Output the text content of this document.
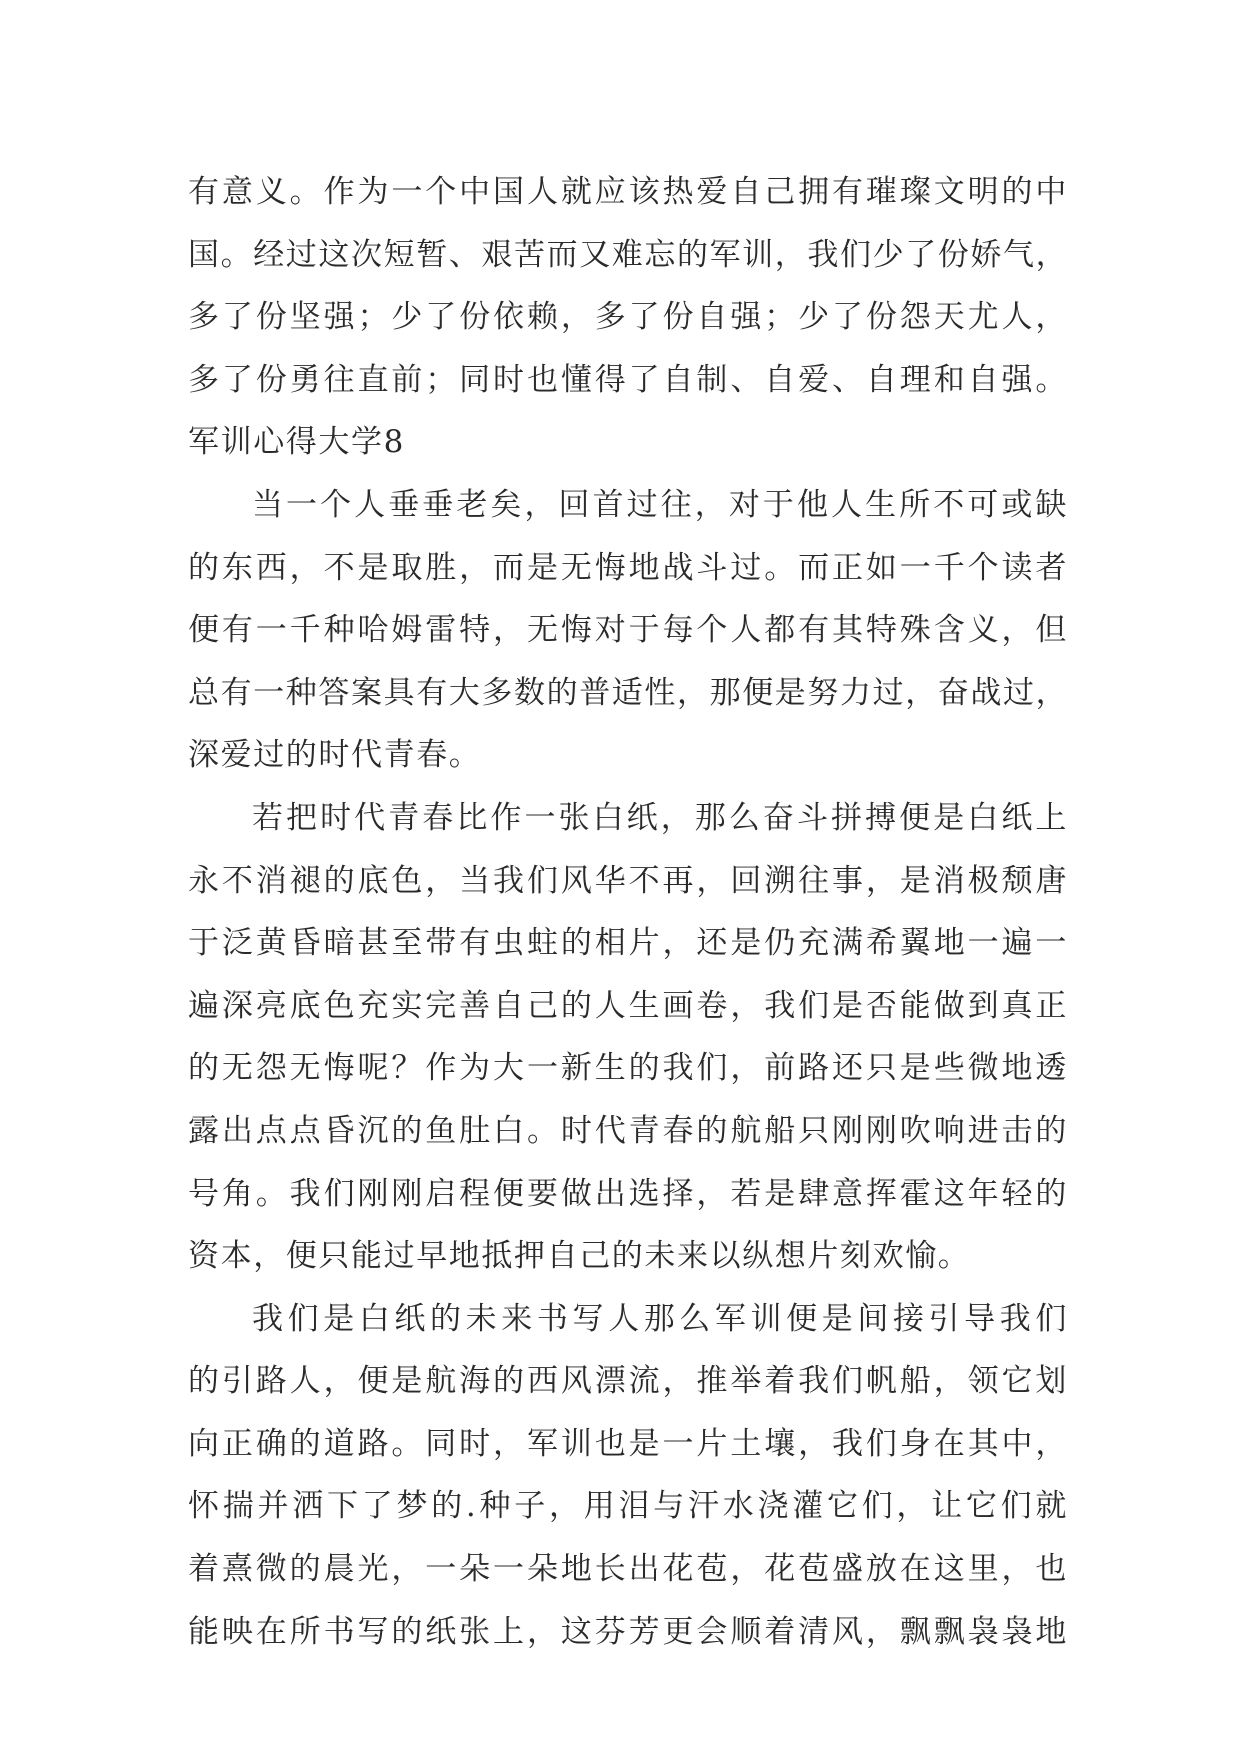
有意义。作为一个中国人就应该热爱自己拥有璀璨文明的中
国。经过这次短暂、艰苦而又难忘的军训，我们少了份娇气，
多了份坚强；少了份依赖，多了份自强；少了份怨天尤人，
多了份勇往直前；同时也懂得了自制、自爱、自理和自强。
军训心得大学8
当一个人垂垂老矣，回首过往，对于他人生所不可或缺
的东西，不是取胜，而是无悔地战斗过。而正如一千个读者
便有一千种哈姆雷特，无悔对于每个人都有其特殊含义，但
总有一种答案具有大多数的普适性，那便是努力过，奋战过，
深爱过的时代青春。
若把时代青春比作一张白纸，那么奋斗拼搏便是白纸上
永不消褪的底色，当我们风华不再，回溯往事，是消极颓唐
于泛黄昏暗甚至带有虫蛀的相片，还是仍充满希翼地一遍一
遍深亮底色充实完善自己的人生画卷，我们是否能做到真正
的无怨无悔呢？作为大一新生的我们，前路还只是些微地透
露出点点昏沉的鱼肚白。时代青春的航船只刚刚吹响进击的
号角。我们刚刚启程便要做出选择，若是肆意挥霍这年轻的
资本，便只能过早地抵押自己的未来以纵想片刻欢愉。
我们是白纸的未来书写人那么军训便是间接引导我们
的引路人，便是航海的西风漂流，推举着我们帆船，领它划
向正确的道路。同时，军训也是一片土壤，我们身在其中，
怀揣并洒下了梦的.种子，用泪与汗水浇灌它们，让它们就
着熹微的晨光，一朵一朵地长出花苞，花苞盛放在这里，也
能映在所书写的纸张上，这芬芳更会顺着清风，飘飘袅袅地
